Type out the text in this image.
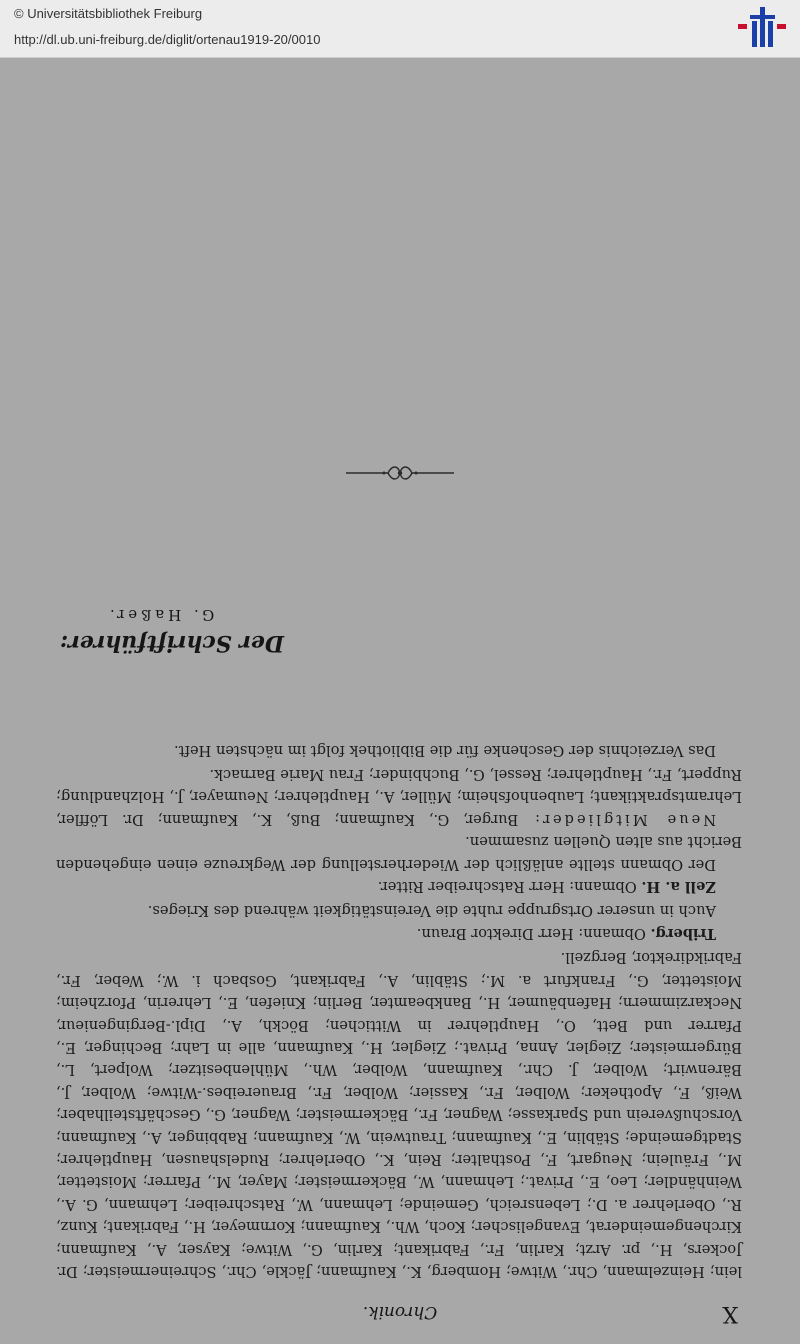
© Universitätsbibliothek Freiburg
http://dl.ub.uni-freiburg.de/diglit/ortenau1919-20/0010
X
Chronik.

lein; Heinzelmann, Chr., Witwe; Homberg, K., Kaufmann; Jäckle, Chr., Schreinermeister; Dr. Jockers, H., pr. Arzt; Karlin, Fr., Fabrikant; Karlin, G., Witwe; Kayser, A., Kaufmann; Kirchengemeinderat, Evangelischer; Koch, Wh., Kaufmann; Kornmeyer, H., Fabrikant; Kunz, R., Oberlehrer a. D.; Lebensreich, Gemeinde; Lehmann, W., Ratschreiber; Lehmann, G. A., Weinhändler; Leo, E., Privat.; Lehmann, W., Bäckermeister; Mayer, M., Pfarrer; Moistetter, M., Fräulein; Neugart, F., Posthalter; Rein, K., Oberlehrer; Rudelshausen, Hauptlehrer; Stadtgemeinde; Stäblin, E., Kaufmann; Trautwein, W., Kaufmann; Rabbinger, A., Kaufmann; Vorschußverein und Sparkasse; Wagner, Fr., Bäckermeister; Wagner, G., Geschäftsteilhaber; Weiß, F., Apotheker; Wolber, Fr., Kassier; Wolber, Fr., Brauereibes.-Witwe; Wolber, J., Bärenwirt; Wolber, J. Chr., Kaufmann, Wolber, Wh., Mühlenbesitzer; Wolpert, L., Bürgermeister; Ziegler, Anna, Privat.; Ziegler, H., Kaufmann, alle in Lahr; Bechinger, E., Pfarrer und Bett, O., Hauptlehrer in Wittichen; Böckh, A., Dipl.-Bergingenieur, Neckarzimmern; Hafenbäumer, H., Bankbeamter, Berlin; Kniefen, E., Lehrerin, Pforzheim; Moistetter, G., Frankfurt a. M.; Stäblin, A., Fabrikant, Gosbach i. W.; Weber, Fr., Fabrikdirektor, Bergzell.

Triberg. Obmann: Herr Direktor Braun.

Auch in unserer Ortsgruppe ruhte die Vereinstätigkeit während des Krieges.

Zell a. H. Obmann: Herr Ratschreiber Ritter.

Der Obmann stellte anläßlich der Wiederherstellung der Wegkreuze einen eingehenden Bericht aus alten Quellen zusammen.

Neue Mitglieder: Burger, G., Kaufmann; Buß, K., Kaufmann; Dr. Löffler, Lehramtspraktikant; Laubenhofsheim; Müller, A., Hauptlehrer; Neumayer, J., Holzhandlung; Ruppert, Fr., Hauptlehrer; Ressel, G., Buchbinder; Frau Marie Barnack.

Das Verzeichnis der Geschenke für die Bibliothek folgt im nächsten Heft.

Der Schriftführer:
G. Haßer.
